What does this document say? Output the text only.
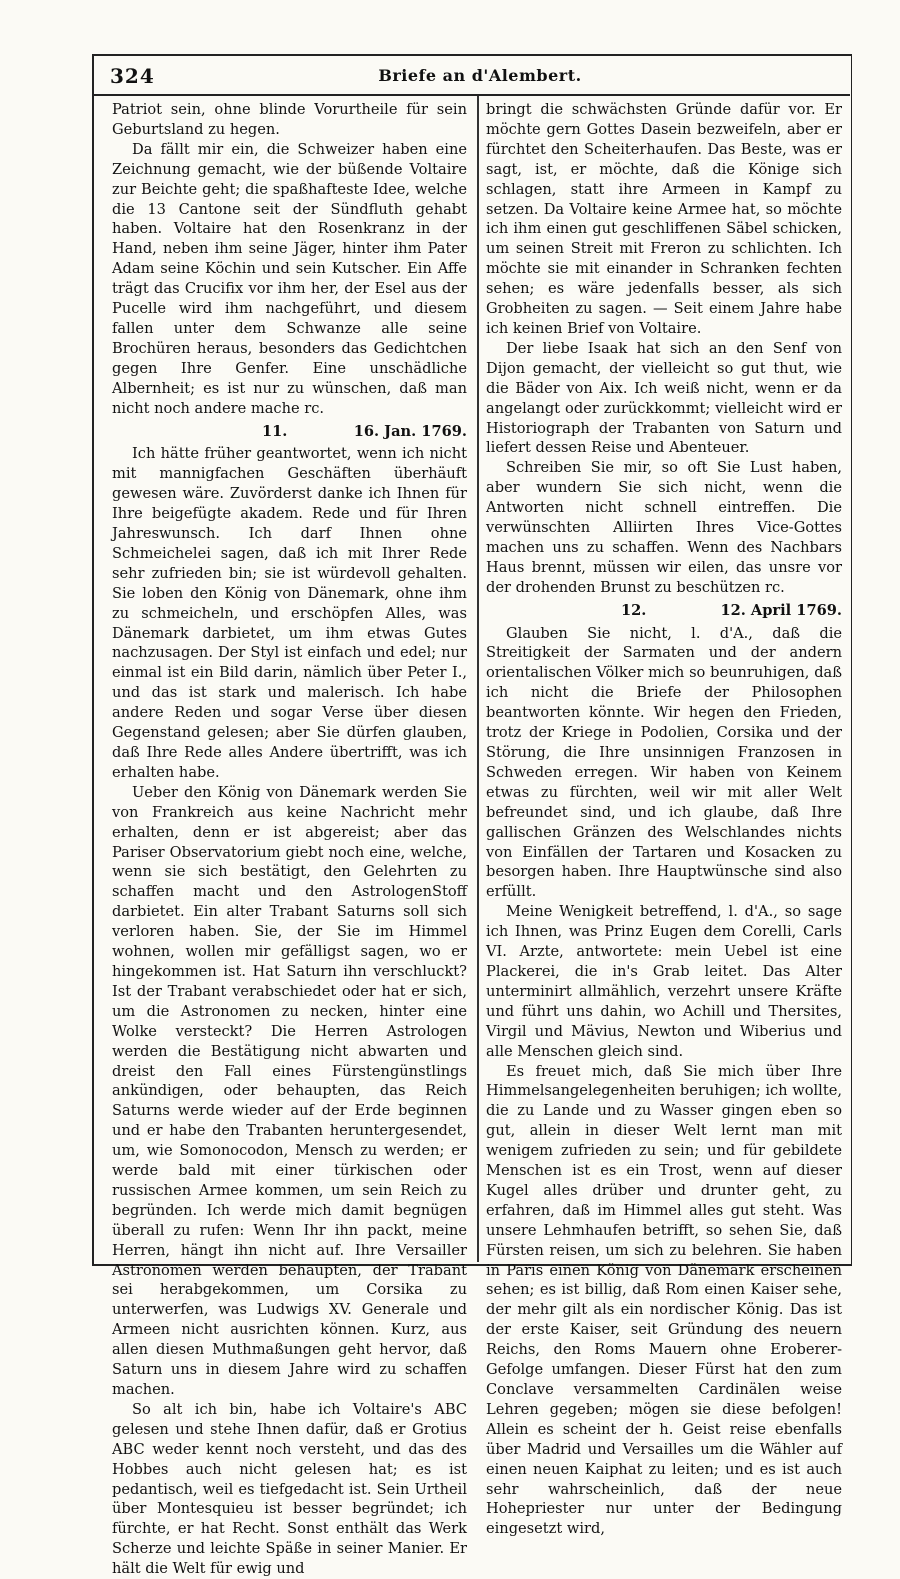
324	Briefe an d'Alembert.

Patriot sein, ohne blinde Vorurtheile für sein Geburtsland zu hegen.

Da fällt mir ein, die Schweizer haben eine Zeichnung gemacht, wie der büßende Voltaire zur Beichte geht; die spaßhafteste Idee, welche die 13 Cantone seit der Sündfluth gehabt haben. Voltaire hat den Rosenkranz in der Hand, neben ihm seine Jäger, hinter ihm Pater Adam seine Köchin und sein Kutscher. Ein Affe trägt das Crucifix vor ihm her, der Esel aus der Pucelle wird ihm nachgeführt, und diesem fallen unter dem Schwanze alle seine Brochüren heraus, besonders das Gedichtchen gegen Ihre Genfer. Eine unschädliche Albernheit; es ist nur zu wünschen, daß man nicht noch andere mache rc.

11.	16. Jan. 1769.

Ich hätte früher geantwortet, wenn ich nicht mit mannigfachen Geschäften überhäuft gewesen wäre. Zuvörderst danke ich Ihnen für Ihre beigefügte akadem. Rede und für Ihren Jahreswunsch. Ich darf Ihnen ohne Schmeichelei sagen, daß ich mit Ihrer Rede sehr zufrieden bin; sie ist würdevoll gehalten. Sie loben den König von Dänemark, ohne ihm zu schmeicheln, und erschöpfen Alles, was Dänemark darbietet, um ihm etwas Gutes nachzusagen. Der Styl ist einfach und edel; nur einmal ist ein Bild darin, nämlich über Peter I., und das ist stark und malerisch. Ich habe andere Reden und sogar Verse über diesen Gegenstand gelesen; aber Sie dürfen glauben, daß Ihre Rede alles Andere übertrifft, was ich erhalten habe.

Ueber den König von Dänemark werden Sie von Frankreich aus keine Nachricht mehr erhalten, denn er ist abgereist; aber das Pariser Observatorium giebt noch eine, welche, wenn sie sich bestätigt, den Gelehrten zu schaffen macht und den AstrologenStoff darbietet. Ein alter Trabant Saturns soll sich verloren haben. Sie, der Sie im Himmel wohnen, wollen mir gefälligst sagen, wo er hingekommen ist. Hat Saturn ihn verschluckt? Ist der Trabant verabschiedet oder hat er sich, um die Astronomen zu necken, hinter eine Wolke versteckt? Die Herren Astrologen werden die Bestätigung nicht abwarten und dreist den Fall eines Fürstengünstlings ankündigen, oder behaupten, das Reich Saturns werde wieder auf der Erde beginnen und er habe den Trabanten heruntergesendet, um, wie Somonocodon, Mensch zu werden; er werde bald mit einer türkischen oder russischen Armee kommen, um sein Reich zu begründen. Ich werde mich damit begnügen überall zu rufen: Wenn Ihr ihn packt, meine Herren, hängt ihn nicht auf. Ihre Versailler Astronomen werden behaupten, der Trabant sei herabgekommen, um Corsika zu unterwerfen, was Ludwigs XV. Generale und Armeen nicht ausrichten können. Kurz, aus allen diesen Muthmaßungen geht hervor, daß Saturn uns in diesem Jahre wird zu schaffen machen.

So alt ich bin, habe ich Voltaire's ABC gelesen und stehe Ihnen dafür, daß er Grotius ABC weder kennt noch versteht, und das des Hobbes auch nicht gelesen hat; es ist pedantisch, weil es tiefgedacht ist. Sein Urtheil über Montesquieu ist besser begründet; ich fürchte, er hat Recht. Sonst enthält das Werk Scherze und leichte Späße in seiner Manier. Er hält die Welt für ewig und

bringt die schwächsten Gründe dafür vor. Er möchte gern Gottes Dasein bezweifeln, aber er fürchtet den Scheiterhaufen. Das Beste, was er sagt, ist, er möchte, daß die Könige sich schlagen, statt ihre Armeen in Kampf zu setzen. Da Voltaire keine Armee hat, so möchte ich ihm einen gut geschliffenen Säbel schicken, um seinen Streit mit Freron zu schlichten. Ich möchte sie mit einander in Schranken fechten sehen; es wäre jedenfalls besser, als sich Grobheiten zu sagen. — Seit einem Jahre habe ich keinen Brief von Voltaire.

Der liebe Isaak hat sich an den Senf von Dijon gemacht, der vielleicht so gut thut, wie die Bäder von Aix. Ich weiß nicht, wenn er da angelangt oder zurückkommt; vielleicht wird er Historiograph der Trabanten von Saturn und liefert dessen Reise und Abenteuer.

Schreiben Sie mir, so oft Sie Lust haben, aber wundern Sie sich nicht, wenn die Antworten nicht schnell eintreffen. Die verwünschten Alliirten Ihres Vice-Gottes machen uns zu schaffen. Wenn des Nachbars Haus brennt, müssen wir eilen, das unsre vor der drohenden Brunst zu beschützen rc.

12.	12. April 1769.

Glauben Sie nicht, l. d'A., daß die Streitigkeit der Sarmaten und der andern orientalischen Völker mich so beunruhigen, daß ich nicht die Briefe der Philosophen beantworten könnte. Wir hegen den Frieden, trotz der Kriege in Podolien, Corsika und der Störung, die Ihre unsinnigen Franzosen in Schweden erregen. Wir haben von Keinem etwas zu fürchten, weil wir mit aller Welt befreundet sind, und ich glaube, daß Ihre gallischen Gränzen des Welschlandes nichts von Einfällen der Tartaren und Kosacken zu besorgen haben. Ihre Hauptwünsche sind also erfüllt.

Meine Wenigkeit betreffend, l. d'A., so sage ich Ihnen, was Prinz Eugen dem Corelli, Carls VI. Arzte, antwortete: mein Uebel ist eine Plackerei, die in's Grab leitet. Das Alter unterminirt allmählich, verzehrt unsere Kräfte und führt uns dahin, wo Achill und Thersites, Virgil und Mävius, Newton und Wiberius und alle Menschen gleich sind.

Es freuet mich, daß Sie mich über Ihre Himmelsangelegenheiten beruhigen; ich wollte, die zu Lande und zu Wasser gingen eben so gut, allein in dieser Welt lernt man mit wenigem zufrieden zu sein; und für gebildete Menschen ist es ein Trost, wenn auf dieser Kugel alles drüber und drunter geht, zu erfahren, daß im Himmel alles gut steht. Was unsere Lehmhaufen betrifft, so sehen Sie, daß Fürsten reisen, um sich zu belehren. Sie haben in Paris einen König von Dänemark erscheinen sehen; es ist billig, daß Rom einen Kaiser sehe, der mehr gilt als ein nordischer König. Das ist der erste Kaiser, seit Gründung des neuern Reichs, den Roms Mauern ohne Eroberer-Gefolge umfangen. Dieser Fürst hat den zum Conclave versammelten Cardinälen weise Lehren gegeben; mögen sie diese befolgen! Allein es scheint der h. Geist reise ebenfalls über Madrid und Versailles um die Wähler auf einen neuen Kaiphat zu leiten; und es ist auch sehr wahrscheinlich, daß der neue Hohepriester nur unter der Bedingung eingesetzt wird,
